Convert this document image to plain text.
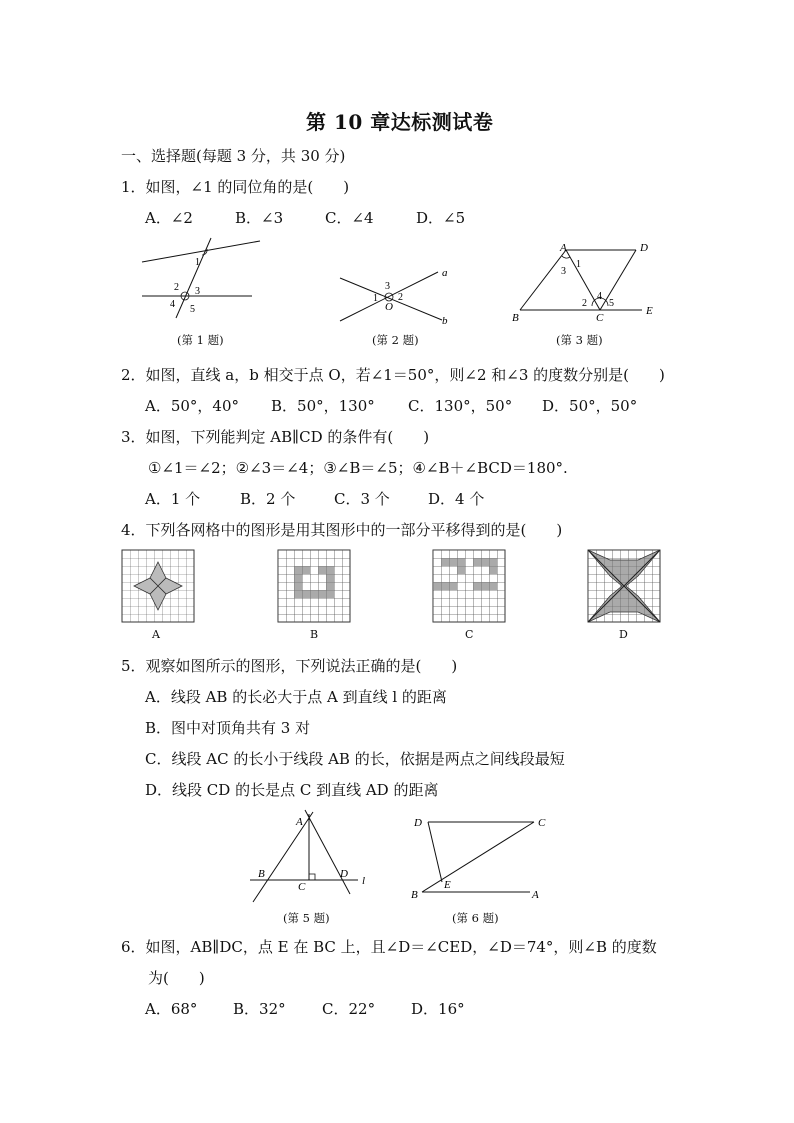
第 10 章达标测试卷
一、选择题(每题 3 分，共 30 分)
1．如图，∠1 的同位角的是(　　)
A．∠2	B．∠3	C．∠4	D．∠5
1
2 3
4 5
(第 1 题)
a
b
3
1 2
O
(第 2 题)
A	D
3
1
2
4
5
B	C
E
(第 3 题)
2．如图，直线 a，b 相交于点 O，若∠1＝50°，则∠2 和∠3 的度数分别是(　　)
A．50°，40° B．50°，130° C．130°，50° D．50°，50°
3．如图，下列能判定 AB∥CD 的条件有(　　)
①∠1＝∠2；②∠3＝∠4；③∠B＝∠5；④∠B＋∠BCD＝180°.
A．1 个	B．2 个	C．3 个	D．4 个
4．下列各网格中的图形是用其图形中的一部分平移得到的是(　　)
A	B	C	D
5．观察如图所示的图形，下列说法正确的是(　　)
A．线段 AB 的长必大于点 A 到直线 l 的距离
B．图中对顶角共有 3 对
C．线段 AC 的长小于线段 AB 的长，依据是两点之间线段最短
D．线段 CD 的长是点 C 到直线 AD 的距离
A
B
C
D
l
(第 5 题)
D	C
E
B	A
(第 6 题)
6．如图，AB∥DC，点 E 在 BC 上，且∠D＝∠CED，∠D＝74°，则∠B 的度数
为(　　)
A．68° B．32° C．22° D．16°
